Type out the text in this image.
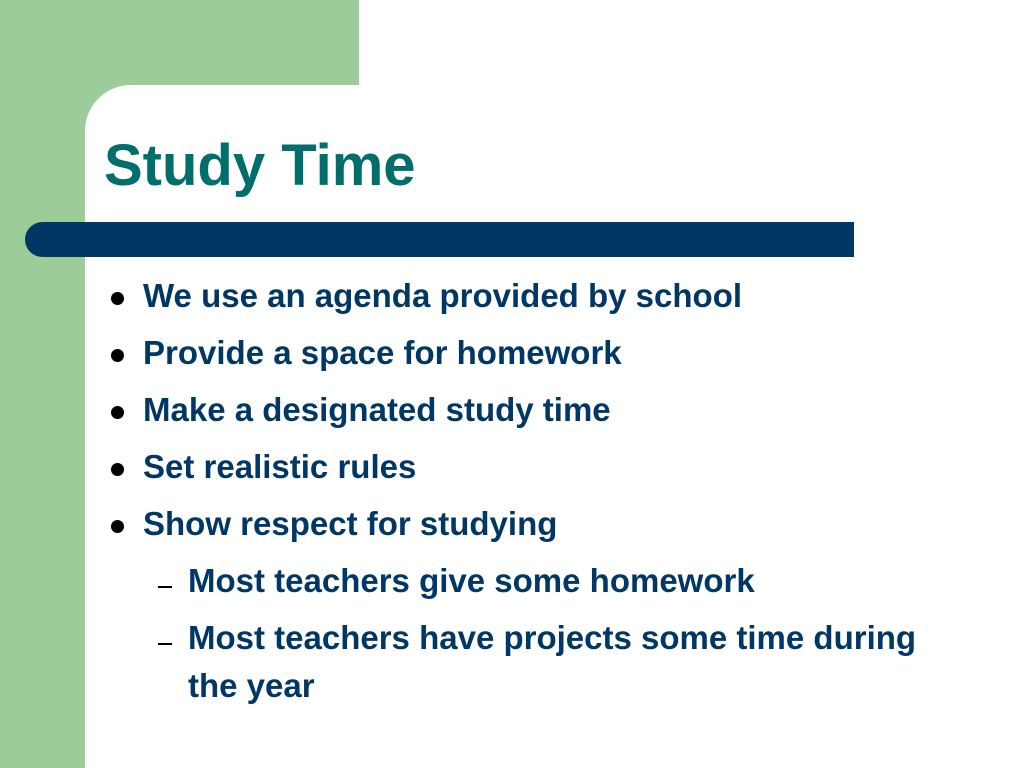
Study Time
We use an agenda provided by school
Provide a space for homework
Make a designated study time
Set realistic rules
Show respect for studying
Most teachers give some homework
Most teachers have projects some time during the year
